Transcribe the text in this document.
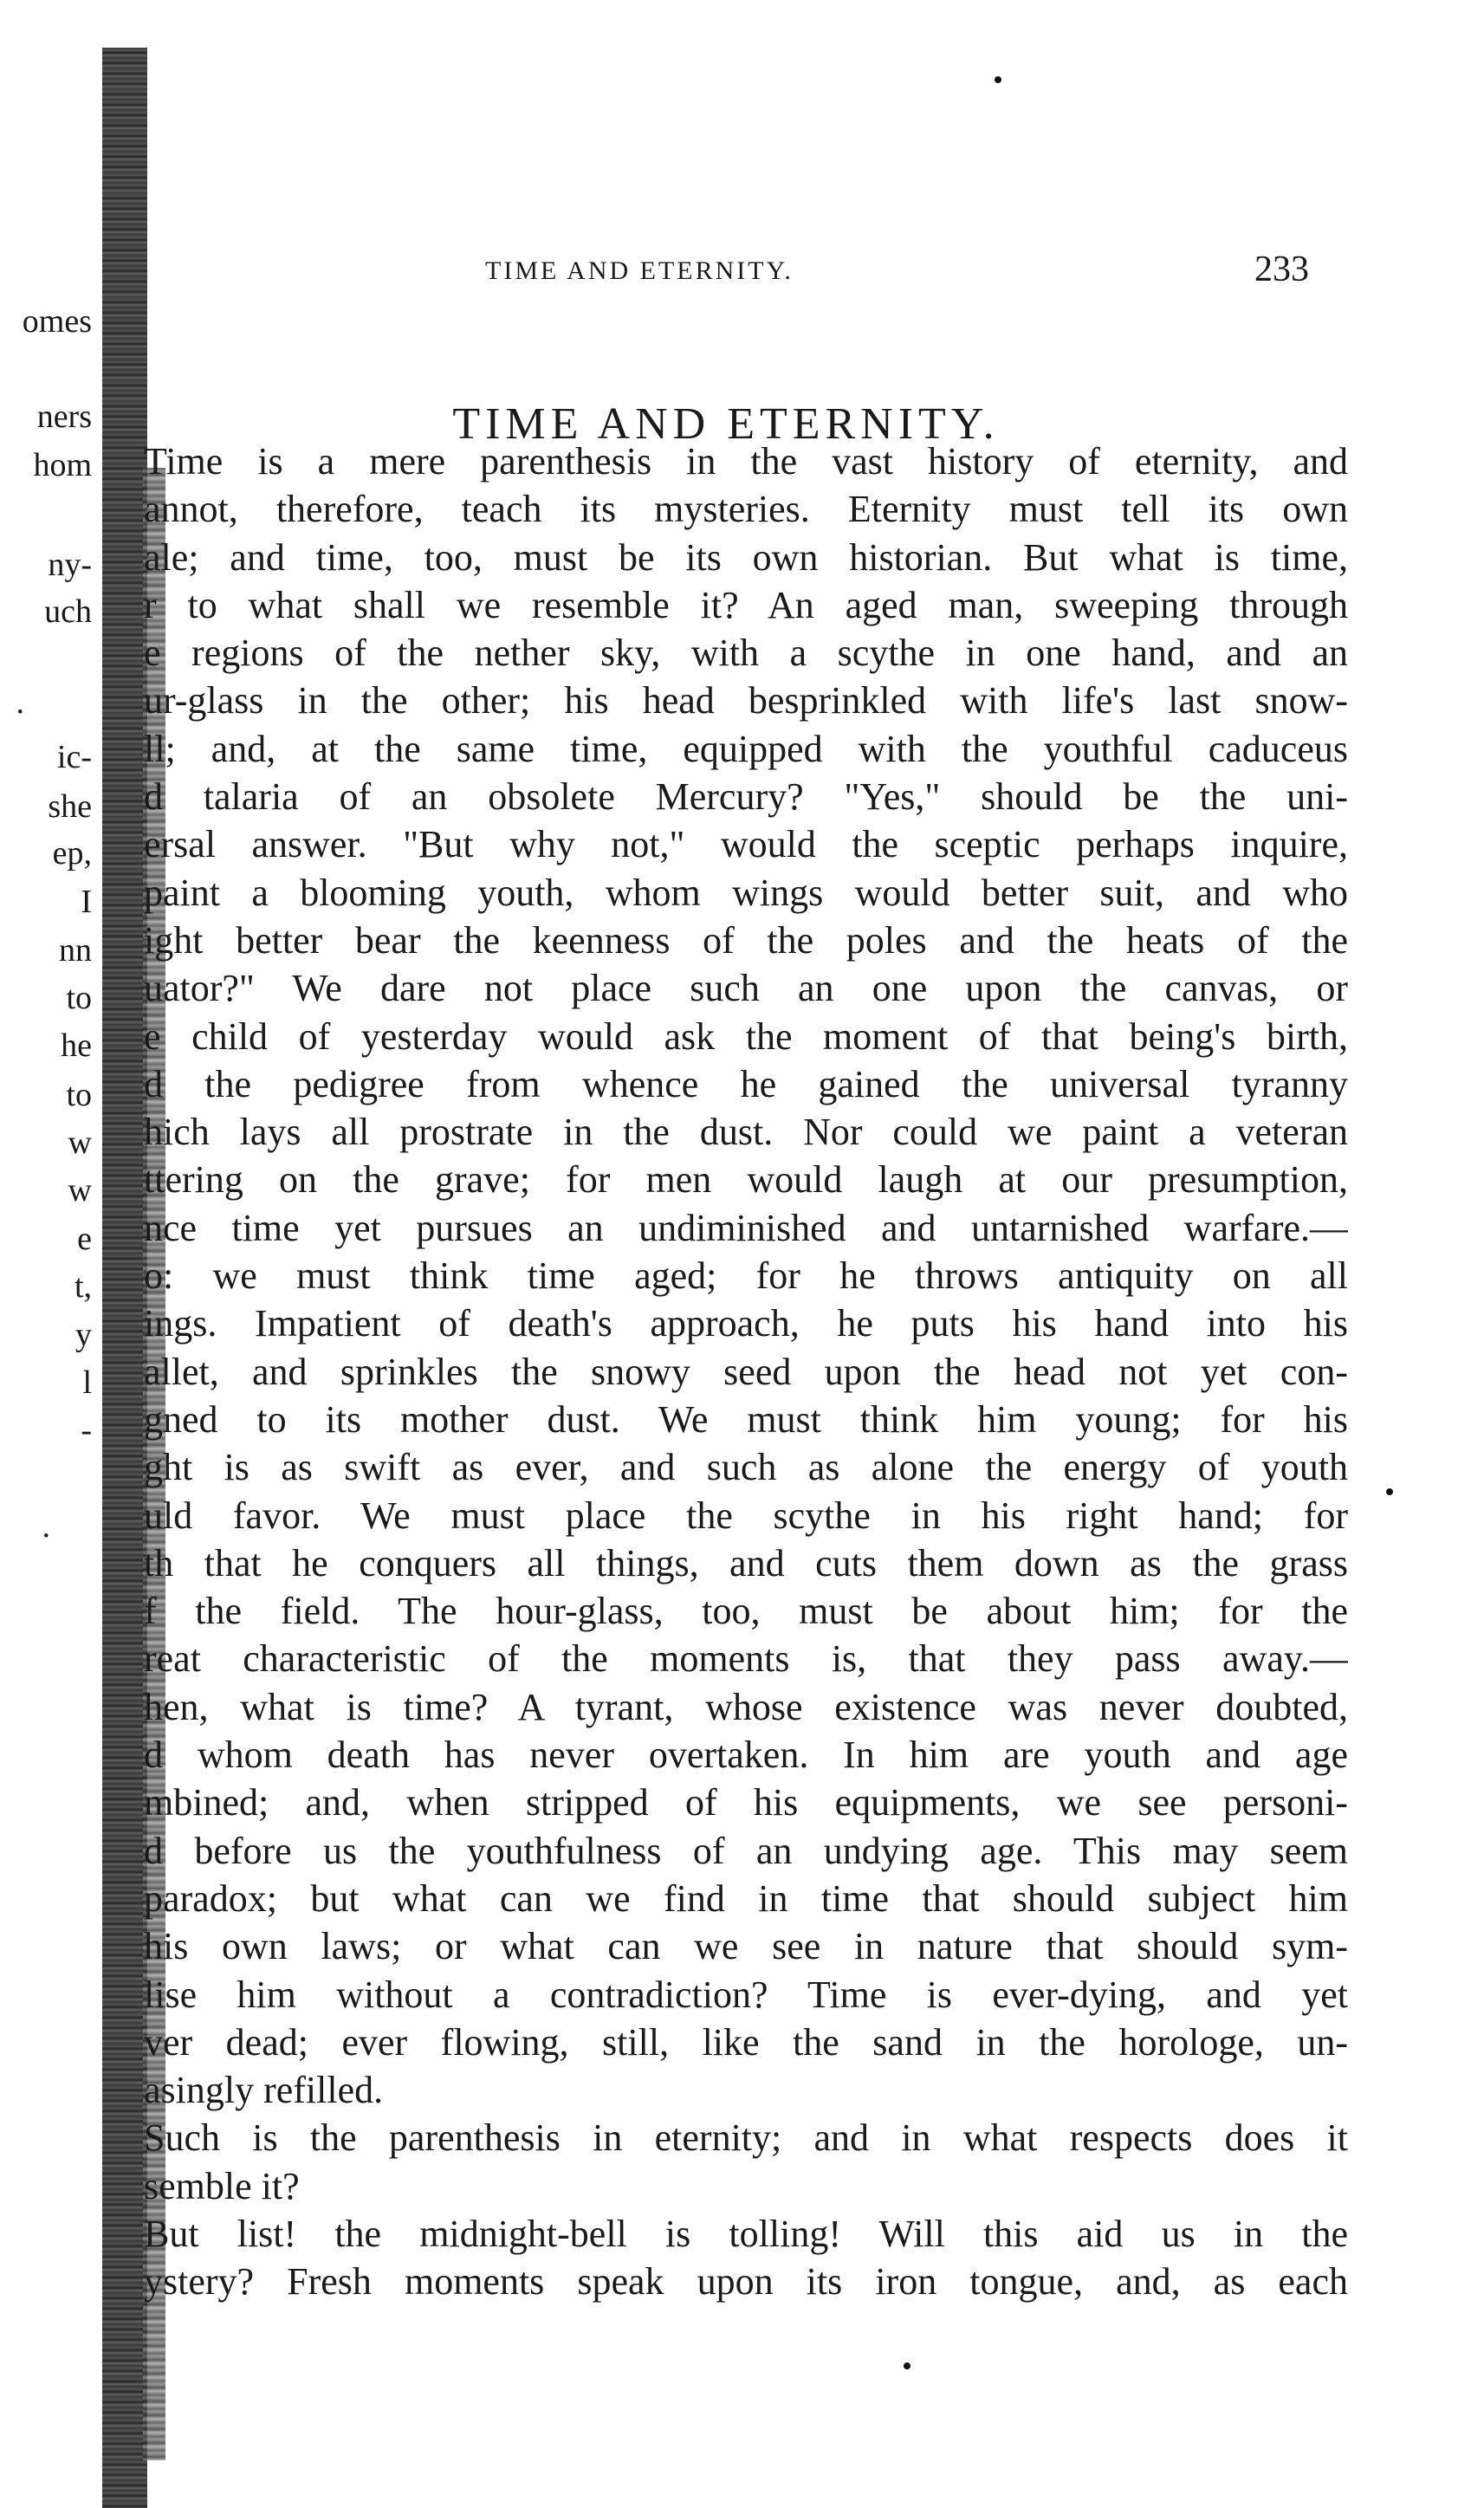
omes
ners
hom
ny-
uch
.
ic-
she
ep,
I
nn
to
he
to
w
w
e
t,
y
l
-
.
TIME AND ETERNITY.	233
TIME AND ETERNITY.
Time is a mere parenthesis in the vast history of eternity, and
annot, therefore, teach its mysteries. Eternity must tell its own
ale; and time, too, must be its own historian. But what is time,
r to what shall we resemble it? An aged man, sweeping through
e regions of the nether sky, with a scythe in one hand, and an
ur-glass in the other; his head besprinkled with life's last snow-
ll; and, at the same time, equipped with the youthful caduceus
d talaria of an obsolete Mercury? "Yes," should be the uni-
ersal answer. "But why not," would the sceptic perhaps inquire,
paint a blooming youth, whom wings would better suit, and who
ight better bear the keenness of the poles and the heats of the
uator?" We dare not place such an one upon the canvas, or
e child of yesterday would ask the moment of that being's birth,
d the pedigree from whence he gained the universal tyranny
hich lays all prostrate in the dust. Nor could we paint a veteran
ttering on the grave; for men would laugh at our presumption,
nce time yet pursues an undiminished and untarnished warfare.—
o: we must think time aged; for he throws antiquity on all
ings. Impatient of death's approach, he puts his hand into his
allet, and sprinkles the snowy seed upon the head not yet con-
gned to its mother dust. We must think him young; for his
ght is as swift as ever, and such as alone the energy of youth
uld favor. We must place the scythe in his right hand; for
th that he conquers all things, and cuts them down as the grass
f the field. The hour-glass, too, must be about him; for the
reat characteristic of the moments is, that they pass away.—
hen, what is time? A tyrant, whose existence was never doubted,
d whom death has never overtaken. In him are youth and age
mbined; and, when stripped of his equipments, we see personi-
d before us the youthfulness of an undying age. This may seem
paradox; but what can we find in time that should subject him
his own laws; or what can we see in nature that should sym-
lise him without a contradiction? Time is ever-dying, and yet
ver dead; ever flowing, still, like the sand in the horologe, un-
asingly refilled.
Such is the parenthesis in eternity; and in what respects does it
semble it?
But list! the midnight-bell is tolling! Will this aid us in the
ystery? Fresh moments speak upon its iron tongue, and, as each
